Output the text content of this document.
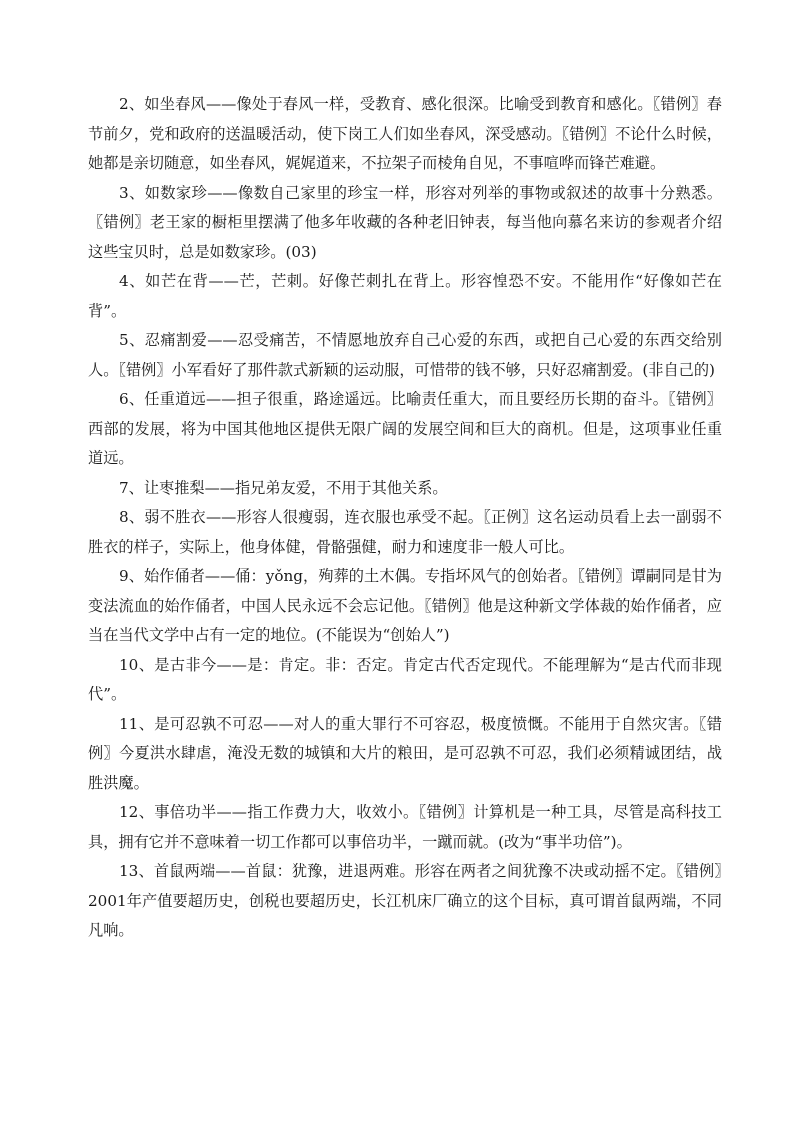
2、如坐春风——像处于春风一样，受教育、感化很深。比喻受到教育和感化。〖错例〗春节前夕，党和政府的送温暖活动，使下岗工人们如坐春风，深受感动。〖错例〗不论什么时候，她都是亲切随意，如坐春风，娓娓道来，不拉架子而棱角自见，不事喧哗而锋芒难避。

3、如数家珍——像数自己家里的珍宝一样，形容对列举的事物或叙述的故事十分熟悉。〖错例〗老王家的橱柜里摆满了他多年收藏的各种老旧钟表，每当他向慕名来访的参观者介绍这些宝贝时，总是如数家珍。(03)

4、如芒在背——芒，芒刺。好像芒刺扎在背上。形容惶恐不安。不能用作“好像如芒在背”。

5、忍痛割爱——忍受痛苦，不情愿地放弃自己心爱的东西，或把自己心爱的东西交给别人。〖错例〗小军看好了那件款式新颖的运动服，可惜带的钱不够，只好忍痛割爱。(非自己的)

6、任重道远——担子很重，路途遥远。比喻责任重大，而且要经历长期的奋斗。〖错例〗西部的发展，将为中国其他地区提供无限广阔的发展空间和巨大的商机。但是，这项事业任重道远。

7、让枣推梨——指兄弟友爱，不用于其他关系。

8、弱不胜衣——形容人很瘦弱，连衣服也承受不起。〖正例〗这名运动员看上去一副弱不胜衣的样子，实际上，他身体健，骨骼强健，耐力和速度非一般人可比。

9、始作俑者——俑：yǒng，殉葬的土木偶。专指坏风气的创始者。〖错例〗谭嗣同是甘为变法流血的始作俑者，中国人民永远不会忘记他。〖错例〗他是这种新文学体裁的始作俑者，应当在当代文学中占有一定的地位。(不能误为“创始人”)

10、是古非今——是：肯定。非：否定。肯定古代否定现代。不能理解为“是古代而非现代”。

11、是可忍孰不可忍——对人的重大罪行不可容忍，极度愤慨。不能用于自然灾害。〖错例〗今夏洪水肆虐，淹没无数的城镇和大片的粮田，是可忍孰不可忍，我们必须精诚团结，战胜洪魔。

12、事倍功半——指工作费力大，收效小。〖错例〗计算机是一种工具，尽管是高科技工具，拥有它并不意味着一切工作都可以事倍功半，一蹴而就。(改为“事半功倍”)。

13、首鼠两端——首鼠：犹豫，进退两难。形容在两者之间犹豫不决或动摇不定。〖错例〗2001年产值要超历史，创税也要超历史，长江机床厂确立的这个目标，真可谓首鼠两端，不同凡响。
